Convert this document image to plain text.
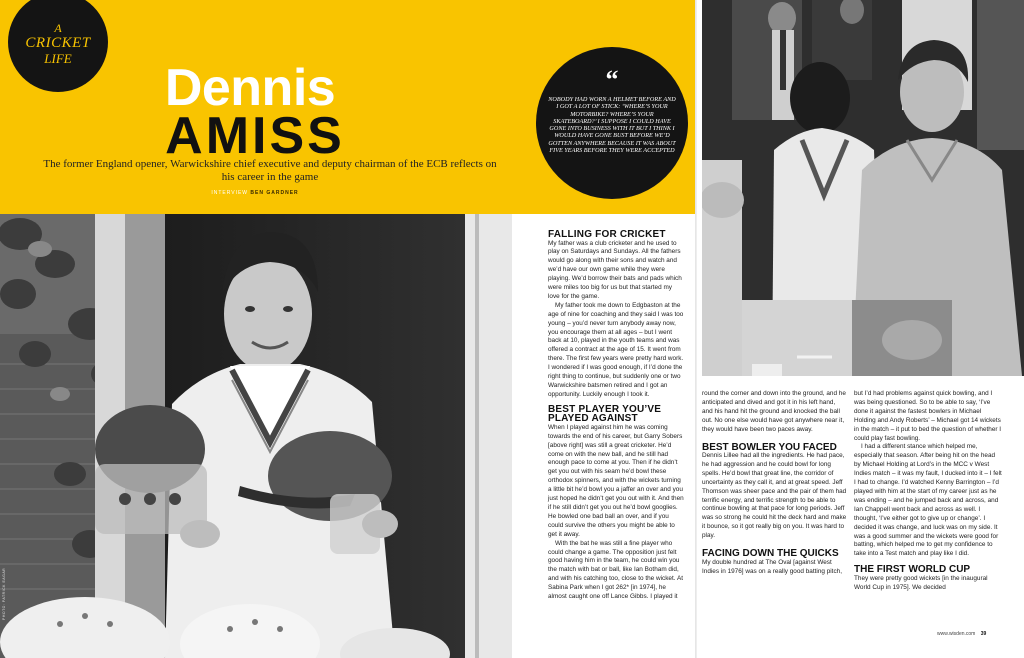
A
CRICKET
LIFE
Dennis
AMISS
The former England opener, Warwickshire chief executive and deputy chairman of the ECB reflects on his career in the game
INTERVIEW BEN GARDNER
“
NOBODY HAD WORN A HELMET BEFORE AND I GOT A LOT OF STICK: ‘WHERE’S YOUR MOTORBIKE? WHERE’S YOUR SKATEBOARD?’ I SUPPOSE I COULD HAVE GONE INTO BUSINESS WITH IT BUT I THINK I WOULD HAVE GONE BUST BEFORE WE’D GOTTEN ANYWHERE BECAUSE IT WAS ABOUT FIVE YEARS BEFORE THEY WERE ACCEPTED
PHOTO: PATRICK EAGAR
FALLING FOR CRICKET

My father was a club cricketer and he used to play on Saturdays and Sundays. All the fathers would go along with their sons and watch and we’d have our own game while they were playing. We’d borrow their bats and pads which were miles too big for us but that started my love for the game.

My father took me down to Edgbaston at the age of nine for coaching and they said I was too young – you’d never turn anybody away now, you encourage them at all ages – but I went back at 10, played in the youth teams and was offered a contract at the age of 15. It went from there. The first few years were pretty hard work. I wondered if I was good enough, if I’d done the right thing to continue, but suddenly one or two Warwickshire batsmen retired and I got an opportunity. Luckily enough I took it.

BEST PLAYER YOU’VE PLAYED AGAINST

When I played against him he was coming towards the end of his career, but Garry Sobers [above right] was still a great cricketer. He’d come on with the new ball, and he still had enough pace to come at you. Then if he didn’t get you out with his seam he’d bowl these orthodox spinners, and with the wickets turning a little bit he’d bowl you a jaffer an over and you just hoped he didn’t get you out with it. And then if he still didn’t get you out he’d bowl googlies. He bowled one bad ball an over, and if you could survive the others you might be able to get it away.

With the bat he was still a fine player who could change a game. The opposition just felt good having him in the team, he could win you the match with bat or ball, like Ian Botham did, and with his catching too, close to the wicket. At Sabina Park when I got 262* [in 1974], he almost caught one off Lance Gibbs. I played it

round the corner and down into the ground, and he anticipated and dived and got it in his left hand, and his hand hit the ground and knocked the ball out. No one else would have got anywhere near it, they would have been two paces away.

BEST BOWLER YOU FACED

Dennis Lillee had all the ingredients. He had pace, he had aggression and he could bowl for long spells. He’d bowl that great line, the corridor of uncertainty as they call it, and at great speed. Jeff Thomson was sheer pace and the pair of them had terrific energy, and terrific strength to be able to continue bowling at that pace for long periods. Jeff was so strong he could hit the deck hard and make it bounce, so it got really big on you. It was hard to play.

FACING DOWN THE QUICKS

My double hundred at The Oval [against West Indies in 1976] was on a really good batting pitch,

but I’d had problems against quick bowling, and I was being questioned. So to be able to say, ‘I’ve done it against the fastest bowlers in Michael Holding and Andy Roberts’ – Michael got 14 wickets in the match – it put to bed the question of whether I could play fast bowling.

I had a different stance which helped me, especially that season. After being hit on the head by Michael Holding at Lord’s in the MCC v West Indies match – it was my fault, I ducked into it – I felt I had to change. I’d watched Kenny Barrington – I’d played with him at the start of my career just as he was ending – and he jumped back and across, and Ian Chappell went back and across as well. I thought, ‘I’ve either got to give up or change’. I decided it was change, and luck was on my side. It was a good summer and the wickets were good for batting, which helped me to get my confidence to take into a Test match and play like I did.

THE FIRST WORLD CUP

They were pretty good wickets [in the inaugural World Cup in 1975]. We decided

www.wisden.com 39
